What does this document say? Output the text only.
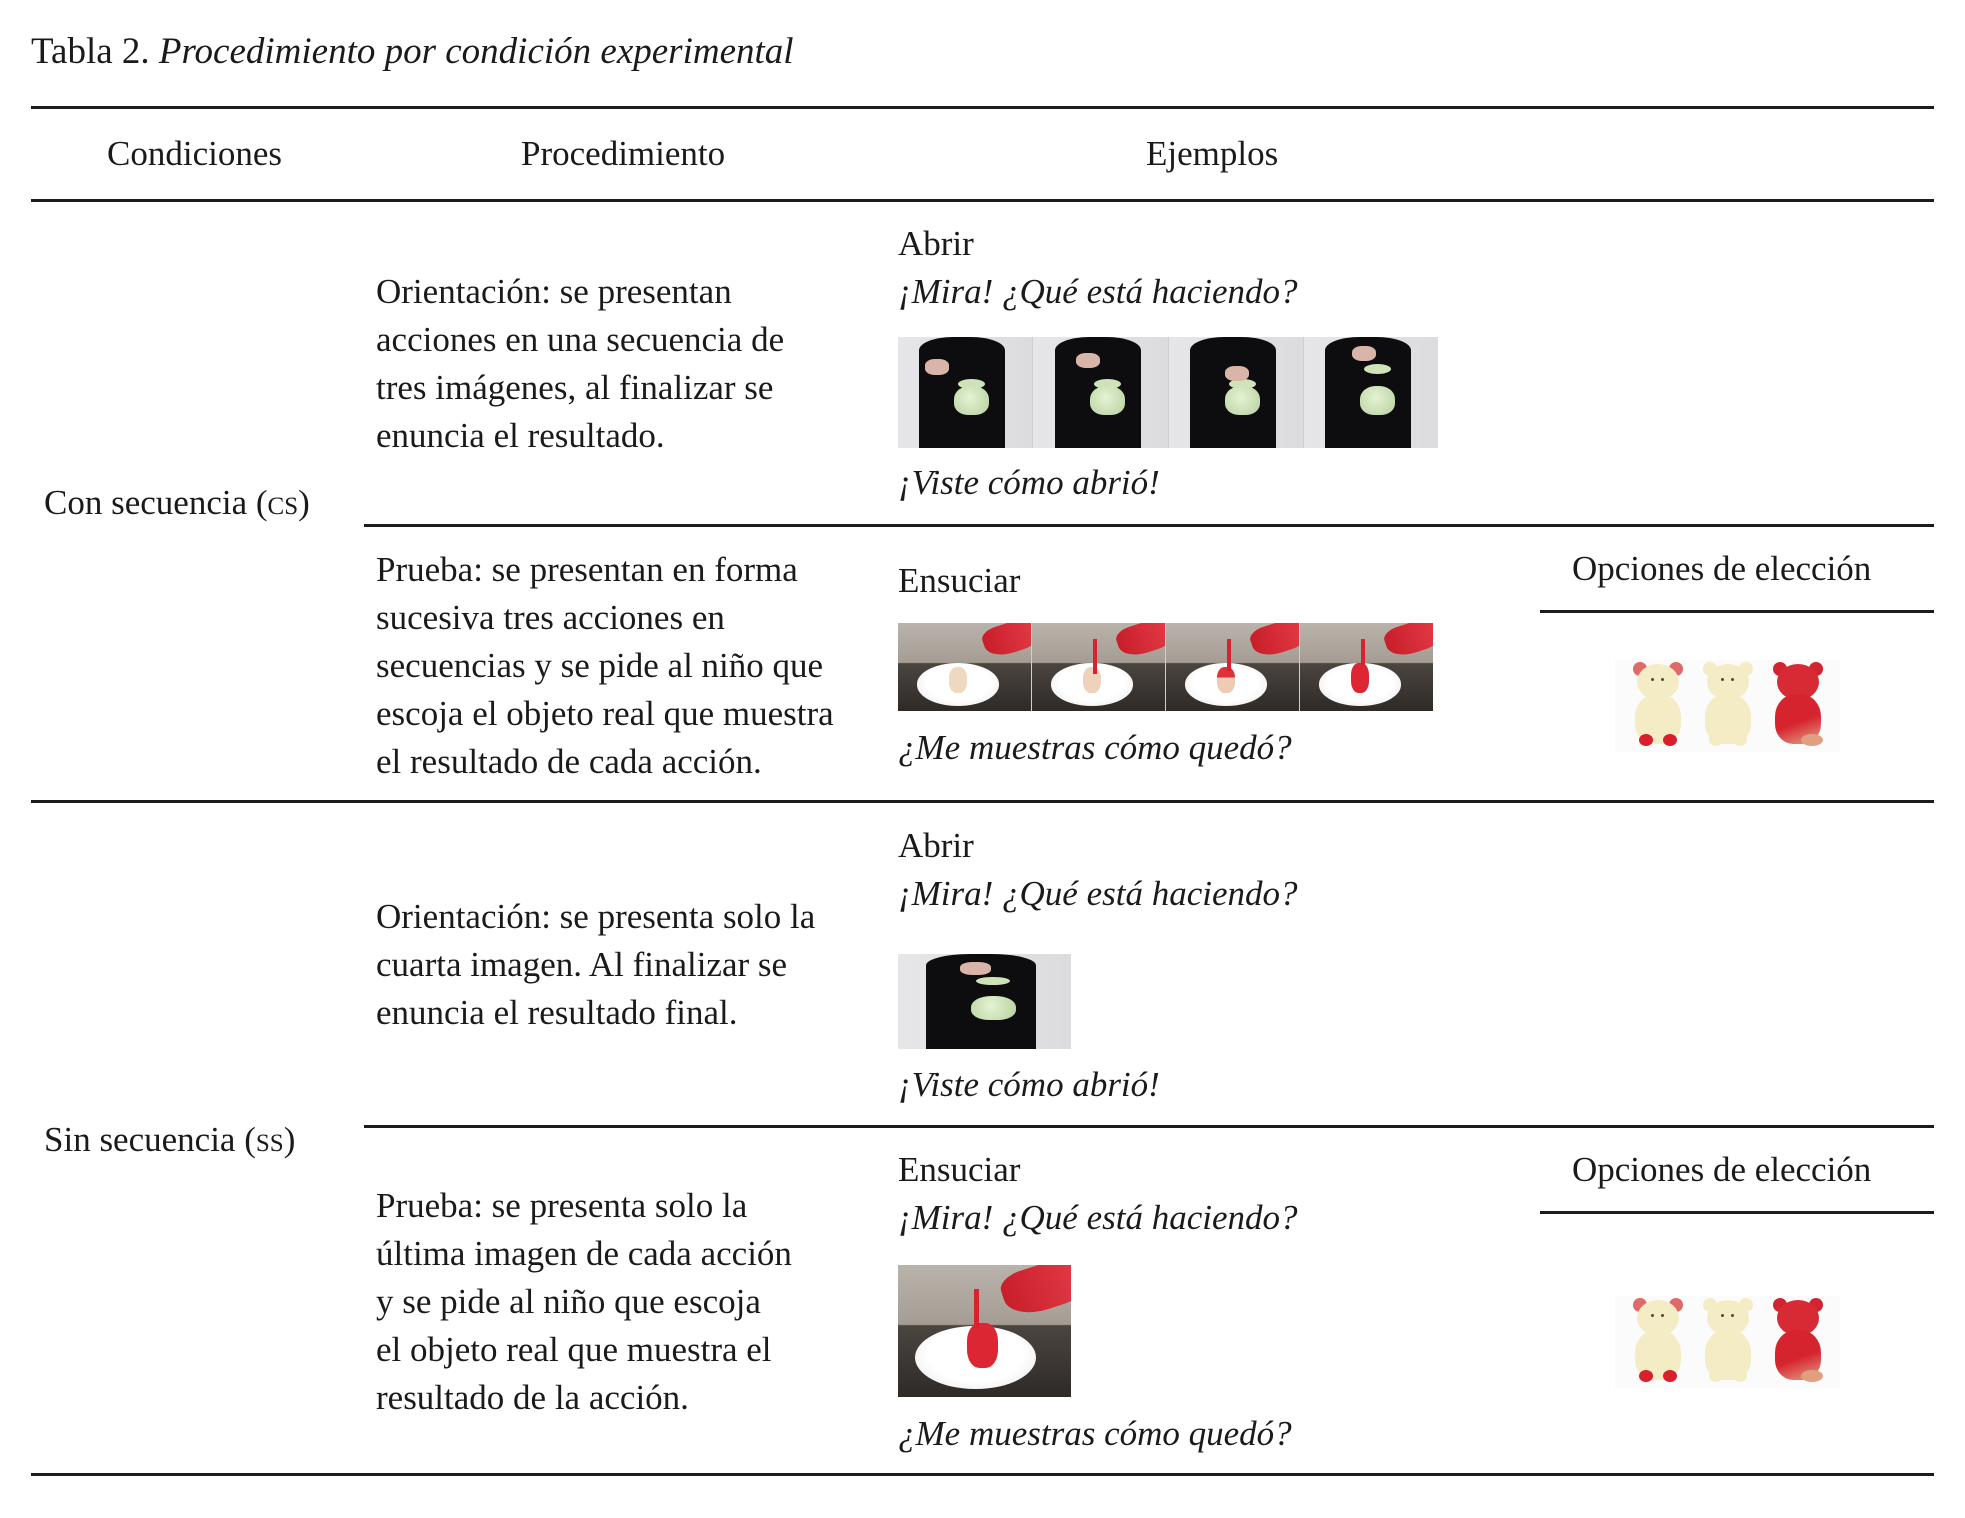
Tabla 2. Procedimiento por condición experimental
Condiciones	Procedimiento	Ejemplos
Con secuencia (cs)
Orientación: se presentan
acciones en una secuencia de
tres imágenes, al finalizar se
enuncia el resultado.
Abrir
¡Mira! ¿Qué está haciendo?
¡Viste cómo abrió!
Prueba: se presentan en forma
sucesiva tres acciones en
secuencias y se pide al niño que
escoja el objeto real que muestra
el resultado de cada acción.
Ensuciar
¿Me muestras cómo quedó?
Opciones de elección
Sin secuencia (ss)
Orientación: se presenta solo la
cuarta imagen. Al finalizar se
enuncia el resultado final.
Abrir
¡Mira! ¿Qué está haciendo?
¡Viste cómo abrió!
Prueba: se presenta solo la
última imagen de cada acción
y se pide al niño que escoja
el objeto real que muestra el
resultado de la acción.
Ensuciar
¡Mira! ¿Qué está haciendo?
¿Me muestras cómo quedó?
Opciones de elección
